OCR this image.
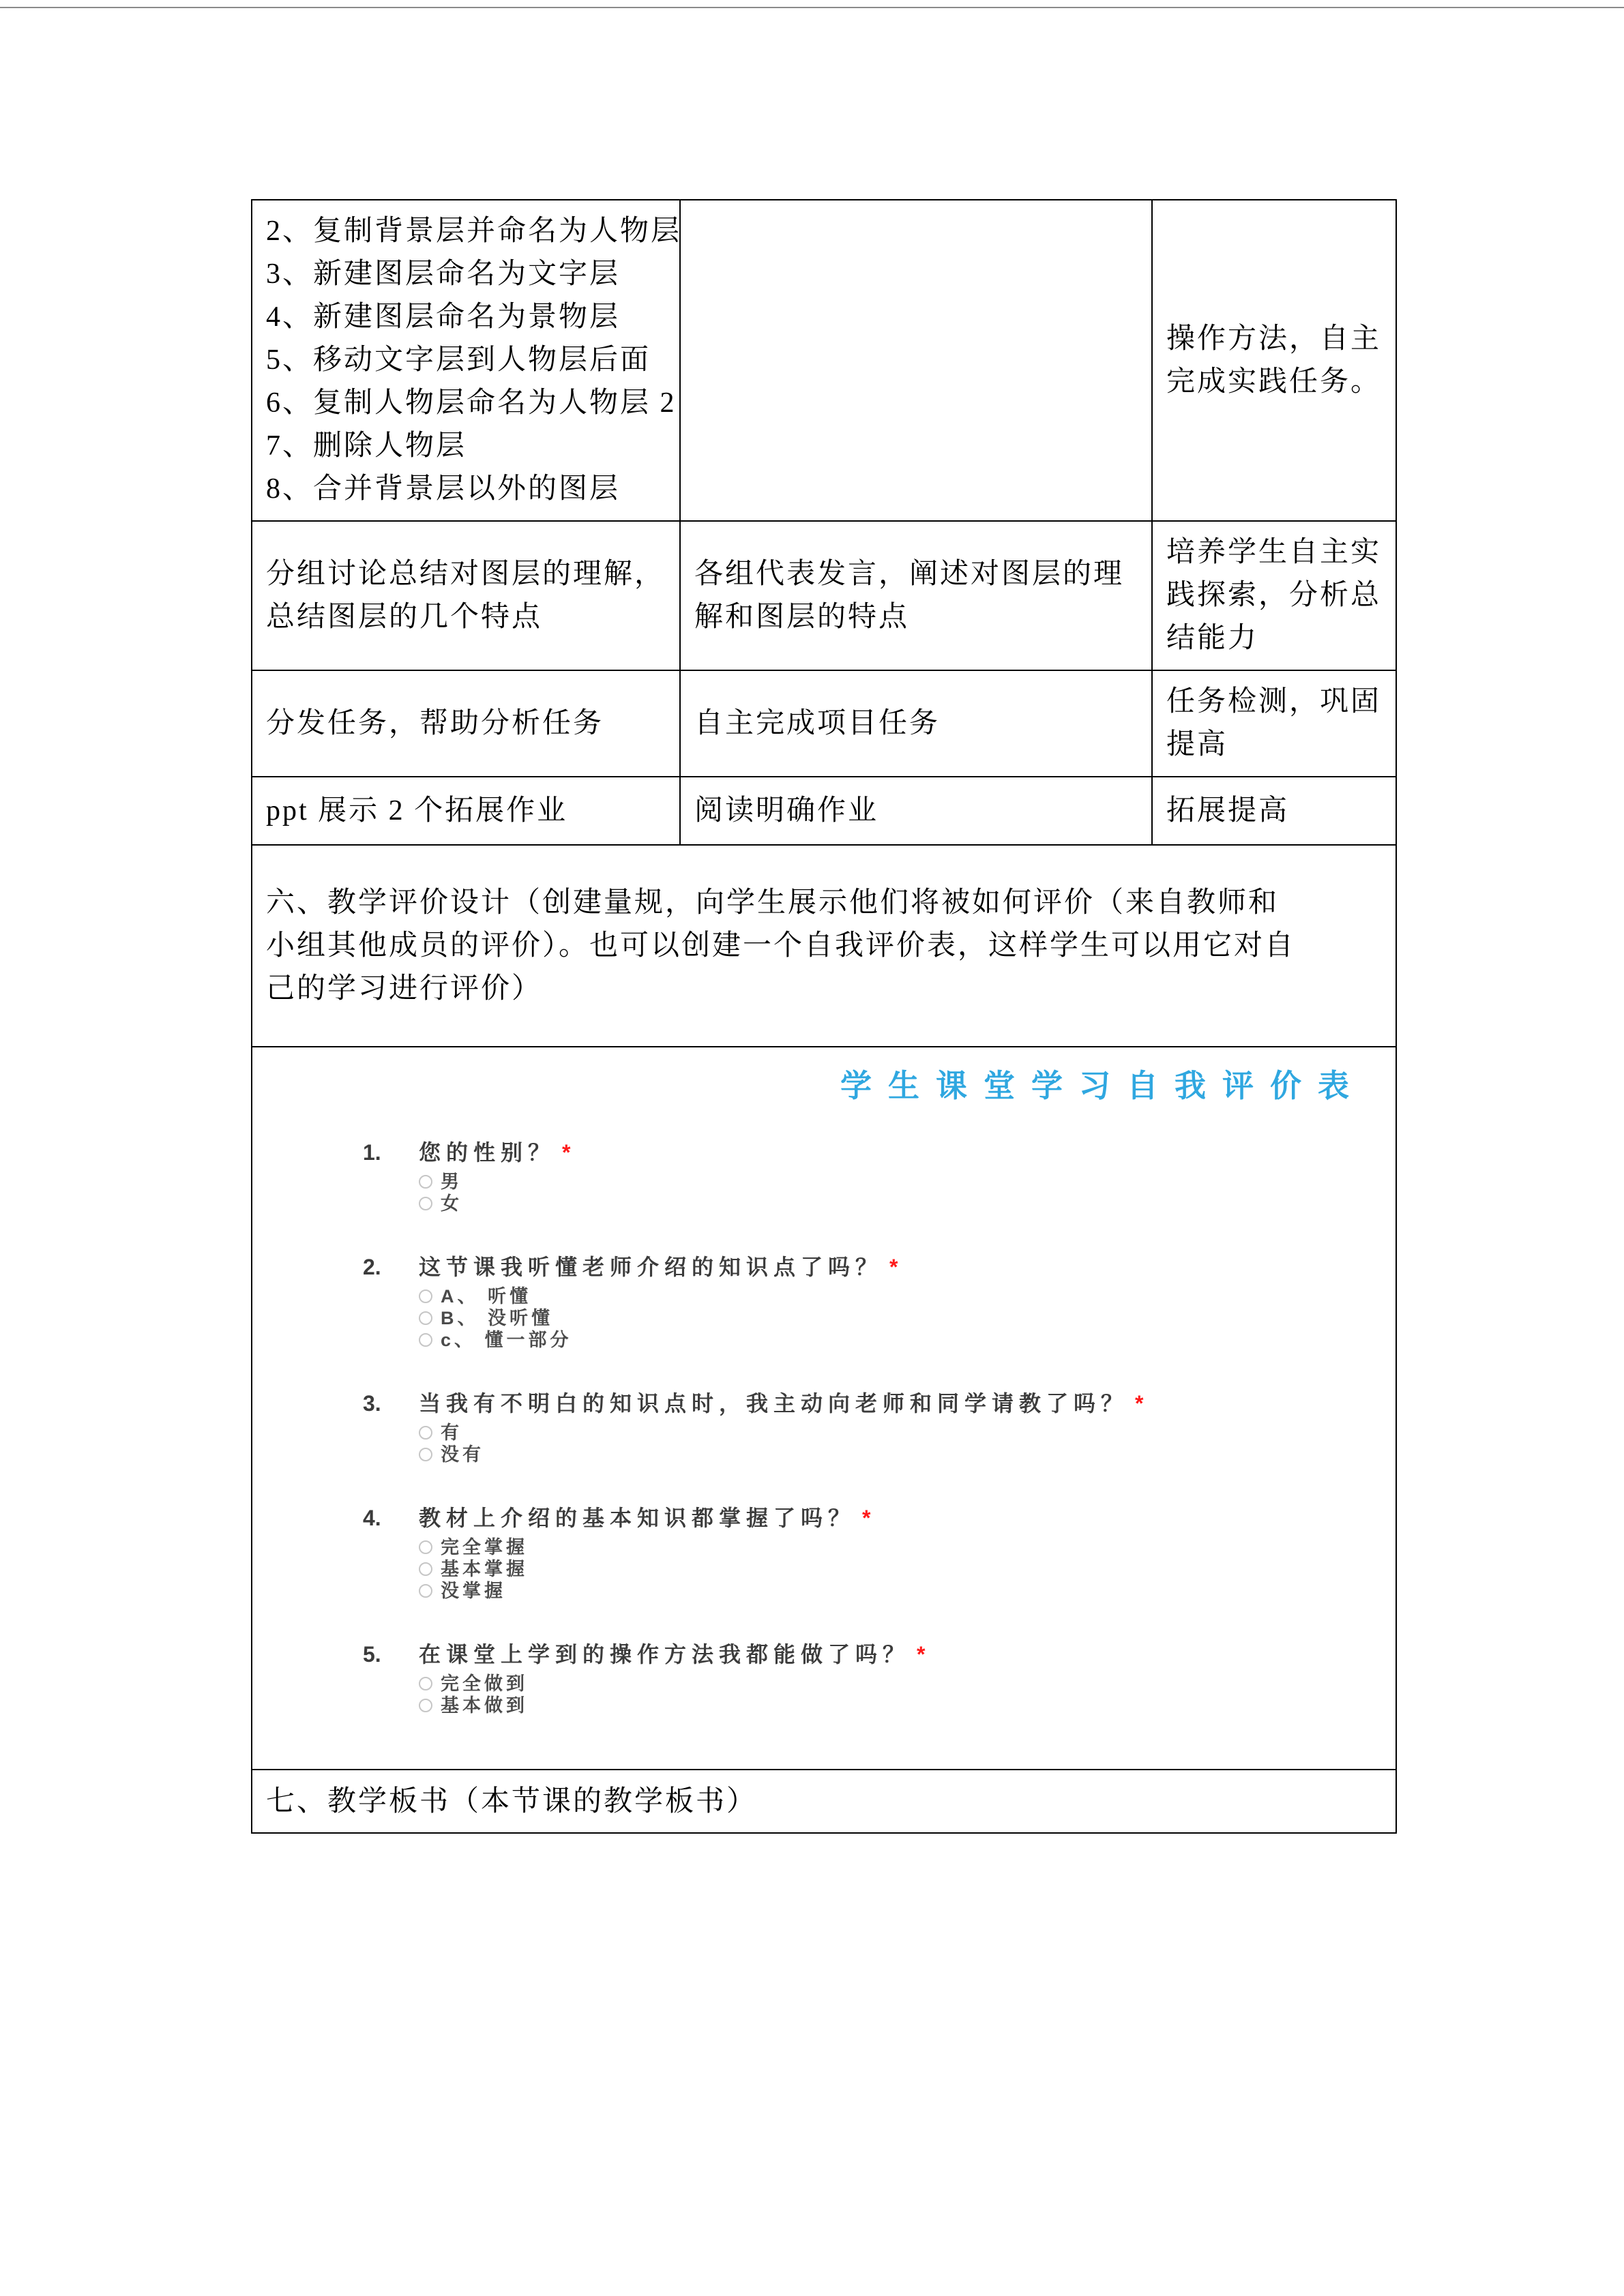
2、复制背景层并命名为人物层
3、新建图层命名为文字层
4、新建图层命名为景物层
5、移动文字层到人物层后面
6、复制人物层命名为人物层 2
7、删除人物层
8、合并背景层以外的图层
		操作方法，自主完成实践任务。
分组讨论总结对图层的理解，总结图层的几个特点	各组代表发言，阐述对图层的理解和图层的特点	培养学生自主实践探索，分析总结能力
分发任务，帮助分析任务	自主完成项目任务	任务检测，巩固提高
ppt 展示 2 个拓展作业	阅读明确作业	拓展提高

六、教学评价设计（创建量规，向学生展示他们将被如何评价（来自教师和
小组其他成员的评价）。也可以创建一个自我评价表，这样学生可以用它对自
己的学习进行评价）		

学生课堂学习自我评价表
1. 您的性别？ *
男
女
2. 这节课我听懂老师介绍的知识点了吗？ *
A、 听懂
B、 没听懂
c、 懂一部分
3. 当我有不明白的知识点时，我主动向老师和同学请教了吗？ *
有
没有
4. 教材上介绍的基本知识都掌握了吗？ *
完全掌握
基本掌握
没掌握
5. 在课堂上学到的操作方法我都能做了吗？ *
完全做到
基本做到

七、教学板书（本节课的教学板书）		
